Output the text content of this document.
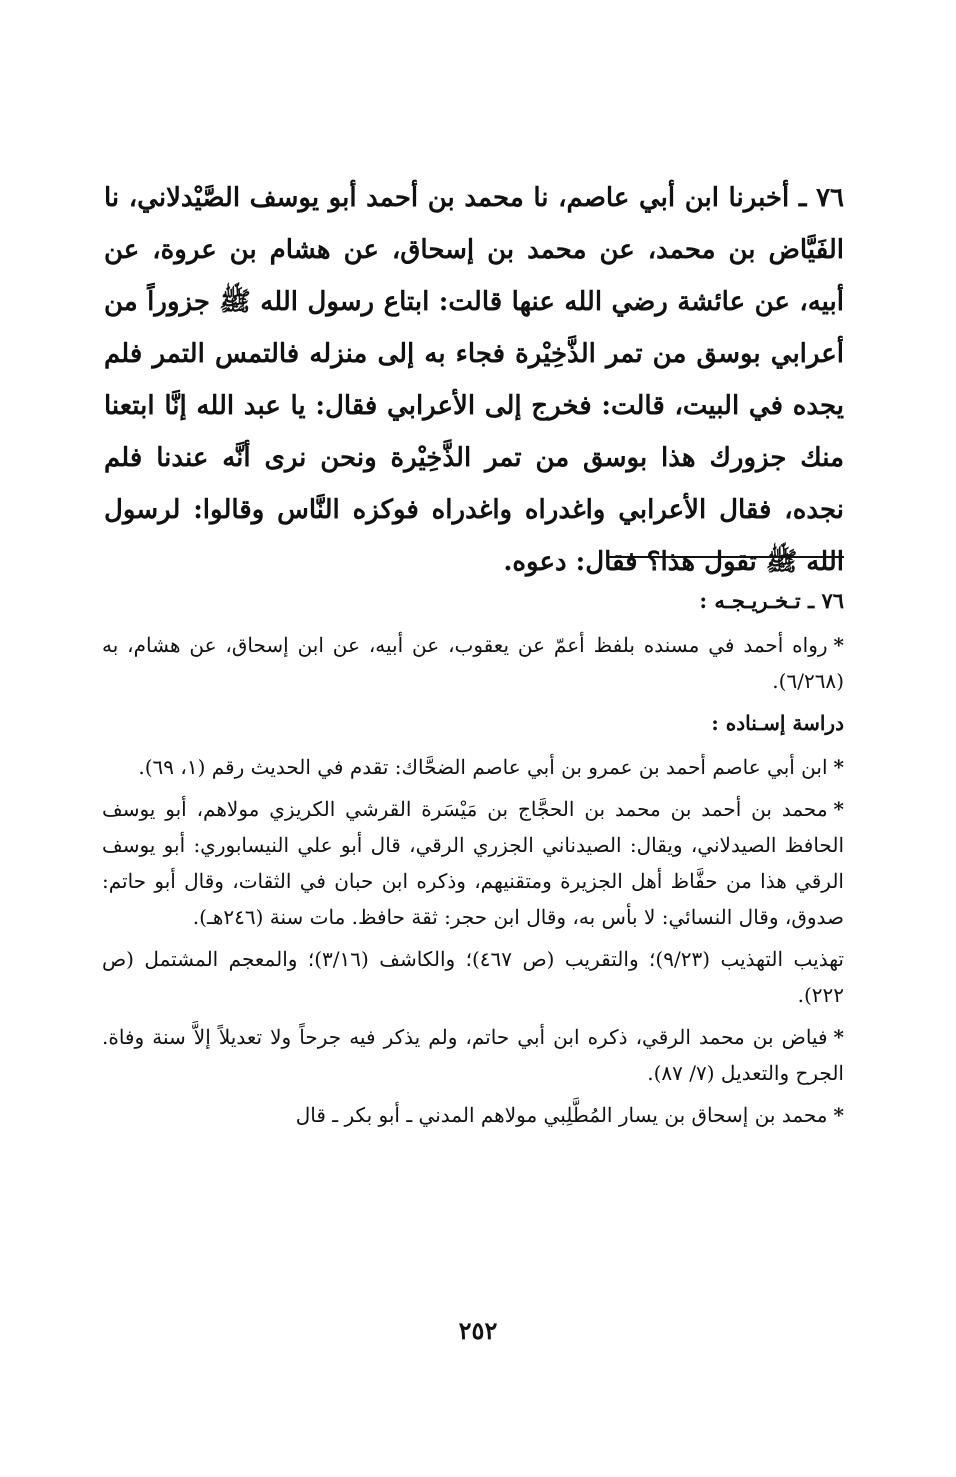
٧٦ ـ أخبرنا ابن أبي عاصم، نا محمد بن أحمد أبو يوسف الصَّيْدلاني، نا الفَيَّاض بن محمد، عن محمد بن إسحاق، عن هشام بن عروة، عن أبيه، عن عائشة رضي الله عنها قالت: ابتاع رسول الله ﷺ جزوراً من أعرابي بوسق من تمر الذَّخِيْرة فجاء به إلى منزله فالتمس التمر فلم يجده في البيت، قالت: فخرج إلى الأعرابي فقال: يا عبد الله إنَّا ابتعنا منك جزورك هذا بوسق من تمر الذَّخِيْرة ونحن نرى أنَّه عندنا فلم نجده، فقال الأعرابي واغدراه واغدراه فوكزه النَّاس وقالوا: لرسول الله ﷺ تقول هذا؟ فقال: دعوه.

٧٦ ـ تـخـريـجـه :

*رواه أحمد في مسنده بلفظ أعمّ عن يعقوب، عن أبيه، عن ابن إسحاق، عن هشام، به (٦/٢٦٨).

دراسة إسـناده :

*ابن أبي عاصم أحمد بن عمرو بن أبي عاصم الضحَّاك: تقدم في الحديث رقم (١، ٦٩).

*محمد بن أحمد بن محمد بن الحجَّاج بن مَيْسَرة القرشي الكريزي مولاهم، أبو يوسف الحافظ الصيدلاني، ويقال: الصيدناني الجزري الرقي، قال أبو علي النيسابوري: أبو يوسف الرقي هذا من حفَّاظ أهل الجزيرة ومتقنيهم، وذكره ابن حبان في الثقات، وقال أبو حاتم: صدوق، وقال النسائي: لا بأس به، وقال ابن حجر: ثقة حافظ. مات سنة (٢٤٦هـ).

تهذيب التهذيب (٩/٢٣)؛ والتقريب (ص ٤٦٧)؛ والكاشف (٣/١٦)؛ والمعجم المشتمل (ص ٢٢٢).

*فياض بن محمد الرقي، ذكره ابن أبي حاتم، ولم يذكر فيه جرحاً ولا تعديلاً إلاَّ سنة وفاة. الجرح والتعديل (٧/ ٨٧).

*محمد بن إسحاق بن يسار المُطَّلِبي مولاهم المدني ـ أبو بكر ـ قال

٢٥٢
